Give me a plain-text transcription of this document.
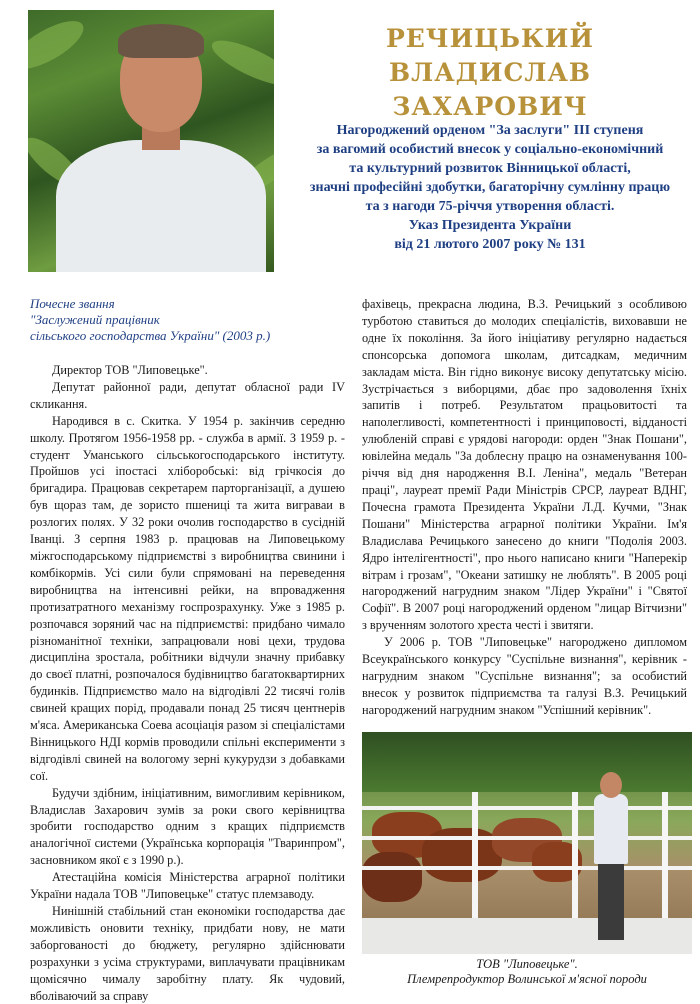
РЕЧИЦЬКИЙ
ВЛАДИСЛАВ ЗАХАРОВИЧ
Нагороджений орденом "За заслуги" III ступеня
за вагомий особистий внесок у соціально-економічний
та культурний розвиток Вінницької області,
значні професійні здобутки, багаторічну сумлінну працю
та з нагоди 75-річчя утворення області.
Указ Президента України
від 21 лютого 2007 року № 131
Почесне звання
"Заслужений працівник
сільського господарства України" (2003 р.)

Директор ТОВ "Липовецьке".

Депутат районної ради, депутат обласної ради IV скликання.

Народився в с. Скитка. У 1954 р. закінчив середню школу. Протягом 1956-1958 рр. - служба в армії. З 1959 р. - студент Уманського сільськогосподарського інституту. Пройшов усі іпостасі хліборобські: від грічкосія до бригадира. Працював секретарем парторганізації, а душею був щораз там, де зористо пшениці та жита виграваи в розлогих полях. У 32 роки очолив господарство в сусідній Іванці. З серпня 1983 р. працював на Липовецькому міжгосподарському підприємстві з виробництва свинини і комбікормів. Усі сили були спрямовані на переведення виробництва на інтенсивні рейки, на впровадження протизатратного механізму госпрозрахунку. Уже з 1985 р. розпочався зоряний час на підприємстві: придбано чимало різноманітної техніки, запрацювали нові цехи, трудова дисципліна зростала, робітники відчули значну прибавку до своєї платні, розпочалося будівництво багатоквартирних будинків. Підприємство мало на відгодівлі 22 тисячі голів свиней кращих порід, продавали понад 25 тисяч центнерів м'яса. Американська Соева асоціація разом зі спеціалістами Вінницького НДІ кормів проводили спільні експерименти з відгодівлі свиней на вологому зерні кукурудзи з добавками сої.

Будучи здібним, ініціативним, вимогливим керівником, Владислав Захарович зумів за роки свого керівництва зробити господарство одним з кращих підприємств аналогічної системи (Українська корпорація "Тваринпром", засновником якої є з 1990 р.).

Атестаційна комісія Міністерства аграрної політики України надала ТОВ "Липовецьке" статус племзаводу.

Нинішній стабільний стан економіки господарства дає можливість оновити техніку, придбати нову, не мати заборгованості до бюджету, регулярно здійснювати розрахунки з усіма структурами, виплачувати працівникам щомісячно чималу заробітну плату. Як чудовий, вболіваючий за справу

фахівець, прекрасна людина, В.З. Речицький з особливою турботою ставиться до молодих спеціалістів, виховавши не одне їх покоління. За його ініціативу регулярно надається спонсорська допомога школам, дитсадкам, медичним закладам міста. Він гідно виконує високу депутатську місію. Зустрічається з виборцями, дбає про задоволення їхніх запитів і потреб. Результатом працьовитості та наполегливості, компетентності і принциповості, відданості улюбленій справі є урядові нагороди: орден "Знак Пошани", ювілейна медаль "За доблесну працю на ознаменування 100-річчя від дня народження В.І. Леніна", медаль "Ветеран праці", лауреат премії Ради Міністрів СРСР, лауреат ВДНГ, Почесна грамота Президента України Л.Д. Кучми, "Знак Пошани" Міністерства аграрної політики України. Ім'я Владислава Речицького занесено до книги "Подолія 2003. Ядро інтелігентності", про нього написано книги "Наперекір вітрам і грозам", "Океани затишку не люблять". В 2005 році нагороджений нагрудним знаком "Лідер України" і "Святої Софії". В 2007 році нагороджений орденом "лицар Вітчизни" з врученням золотого хреста честі і звитяги.

У 2006 р. ТОВ "Липовецьке" нагороджено дипломом Всеукраїнського конкурсу "Суспільне визнання", керівник - нагрудним знаком "Суспільне визнання"; за особистий внесок у розвиток підприємства та галузі В.З. Речицький нагороджений нагрудним знаком "Успішний керівник".

ТОВ "Липовецьке".
Племрепродуктор Волинської м'ясної породи
